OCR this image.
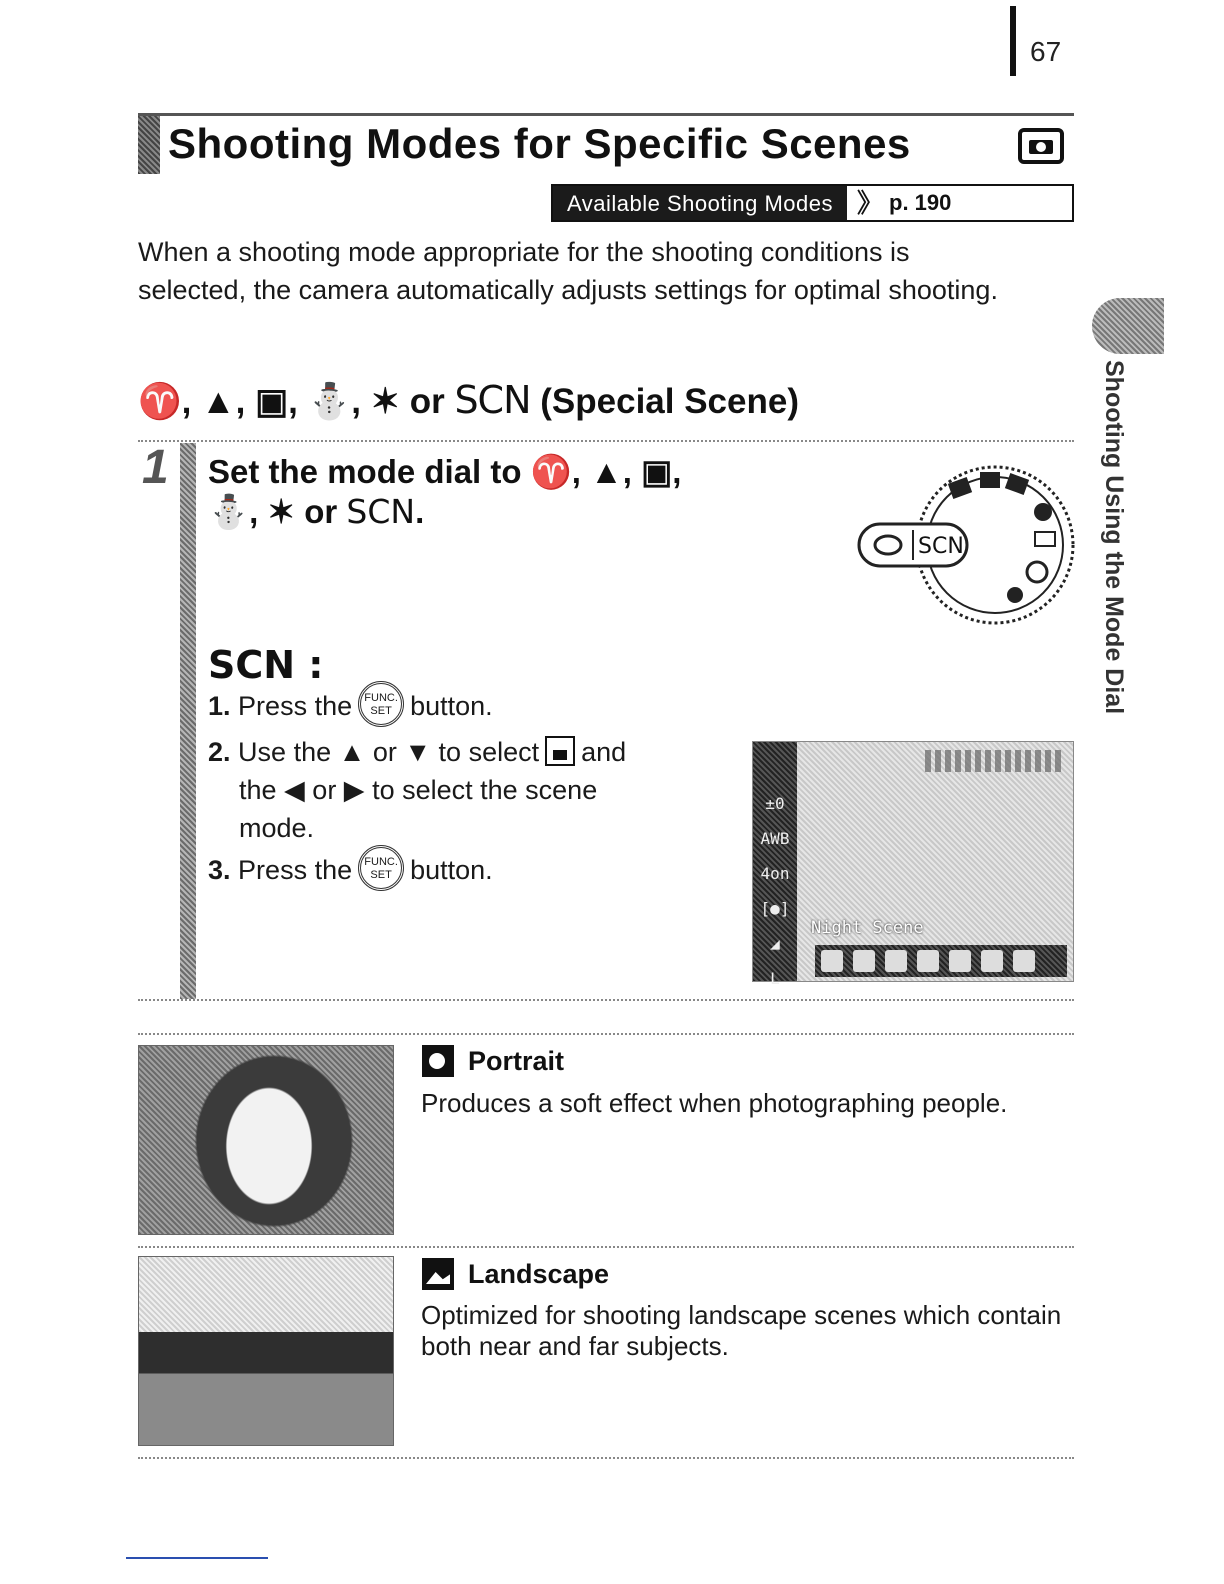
67
Shooting Modes for Specific Scenes
Available Shooting Modes 》 p. 190
When a shooting mode appropriate for the shooting conditions is selected, the camera automatically adjusts settings for optimal shooting.
♈, ▲, ▣, ⛄, ✶ or SCN (Special Scene)
1 Set the mode dial to ♈, ▲, ▣,
⛄, ✶ or SCN.
SCN
SCN :
1. Press the FUNC.
SET button.
2. Use the ▲ or ▼ to select and
the ◀ or ▶ to select the scene
mode.
3. Press the FUNC.
SET button.
±0
AWB
4on
[●]
◢
L
Night Scene
Portrait
Produces a soft effect when photographing people.
Landscape
Optimized for shooting landscape scenes which contain both near and far subjects.
Shooting Using the Mode Dial
